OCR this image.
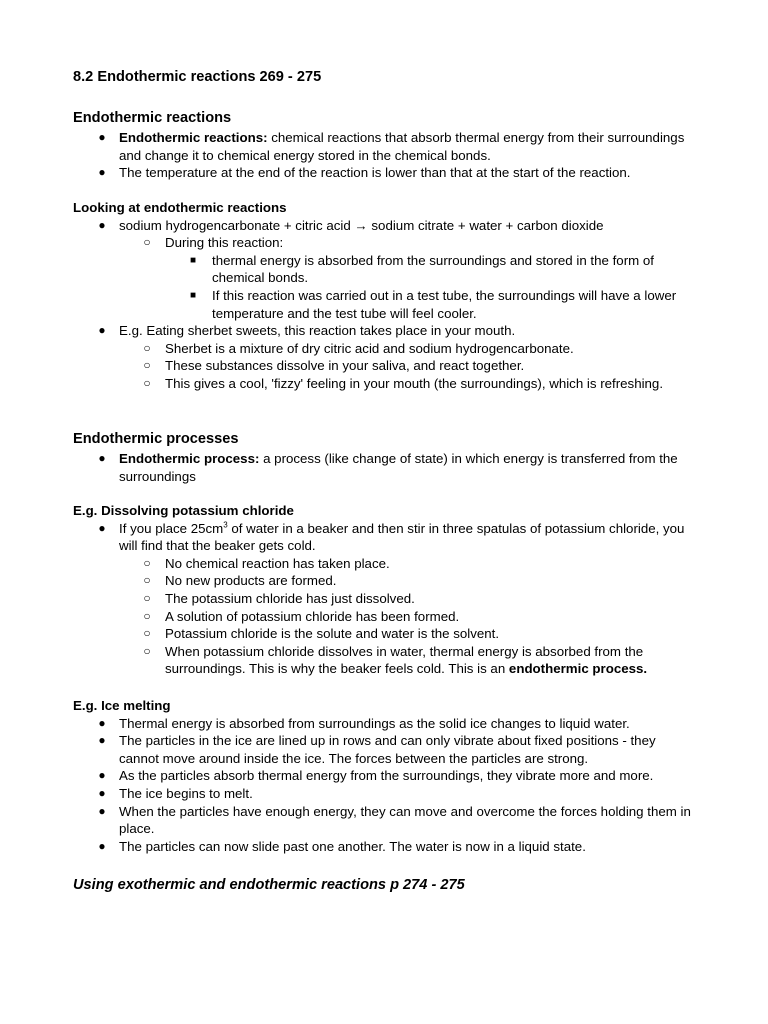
8.2 Endothermic reactions 269 - 275
Endothermic reactions
● Endothermic reactions: chemical reactions that absorb thermal energy from their surroundings and change it to chemical energy stored in the chemical bonds.
● The temperature at the end of the reaction is lower than that at the start of the reaction.
Looking at endothermic reactions
● sodium hydrogencarbonate + citric acid → sodium citrate + water + carbon dioxide
○ During this reaction:
■ thermal energy is absorbed from the surroundings and stored in the form of chemical bonds.
■ If this reaction was carried out in a test tube, the surroundings will have a lower temperature and the test tube will feel cooler.
● E.g. Eating sherbet sweets, this reaction takes place in your mouth.
○ Sherbet is a mixture of dry citric acid and sodium hydrogencarbonate.
○ These substances dissolve in your saliva, and react together.
○ This gives a cool, 'fizzy' feeling in your mouth (the surroundings), which is refreshing.
Endothermic processes
● Endothermic process: a process (like change of state) in which energy is transferred from the surroundings
E.g. Dissolving potassium chloride
● If you place $25cm^3$ of water in a beaker and then stir in three spatulas of potassium chloride, you will find that the beaker gets cold.
○ No chemical reaction has taken place.
○ No new products are formed.
○ The potassium chloride has just dissolved.
○ A solution of potassium chloride has been formed.
○ Potassium chloride is the solute and water is the solvent.
○ When potassium chloride dissolves in water, thermal energy is absorbed from the surroundings. This is why the beaker feels cold. This is an endothermic process.
E.g. Ice melting
● Thermal energy is absorbed from surroundings as the solid ice changes to liquid water.
● The particles in the ice are lined up in rows and can only vibrate about fixed positions - they cannot move around inside the ice. The forces between the particles are strong.
● As the particles absorb thermal energy from the surroundings, they vibrate more and more.
● The ice begins to melt.
● When the particles have enough energy, they can move and overcome the forces holding them in place.
● The particles can now slide past one another. The water is now in a liquid state.
Using exothermic and endothermic reactions p 274 - 275
